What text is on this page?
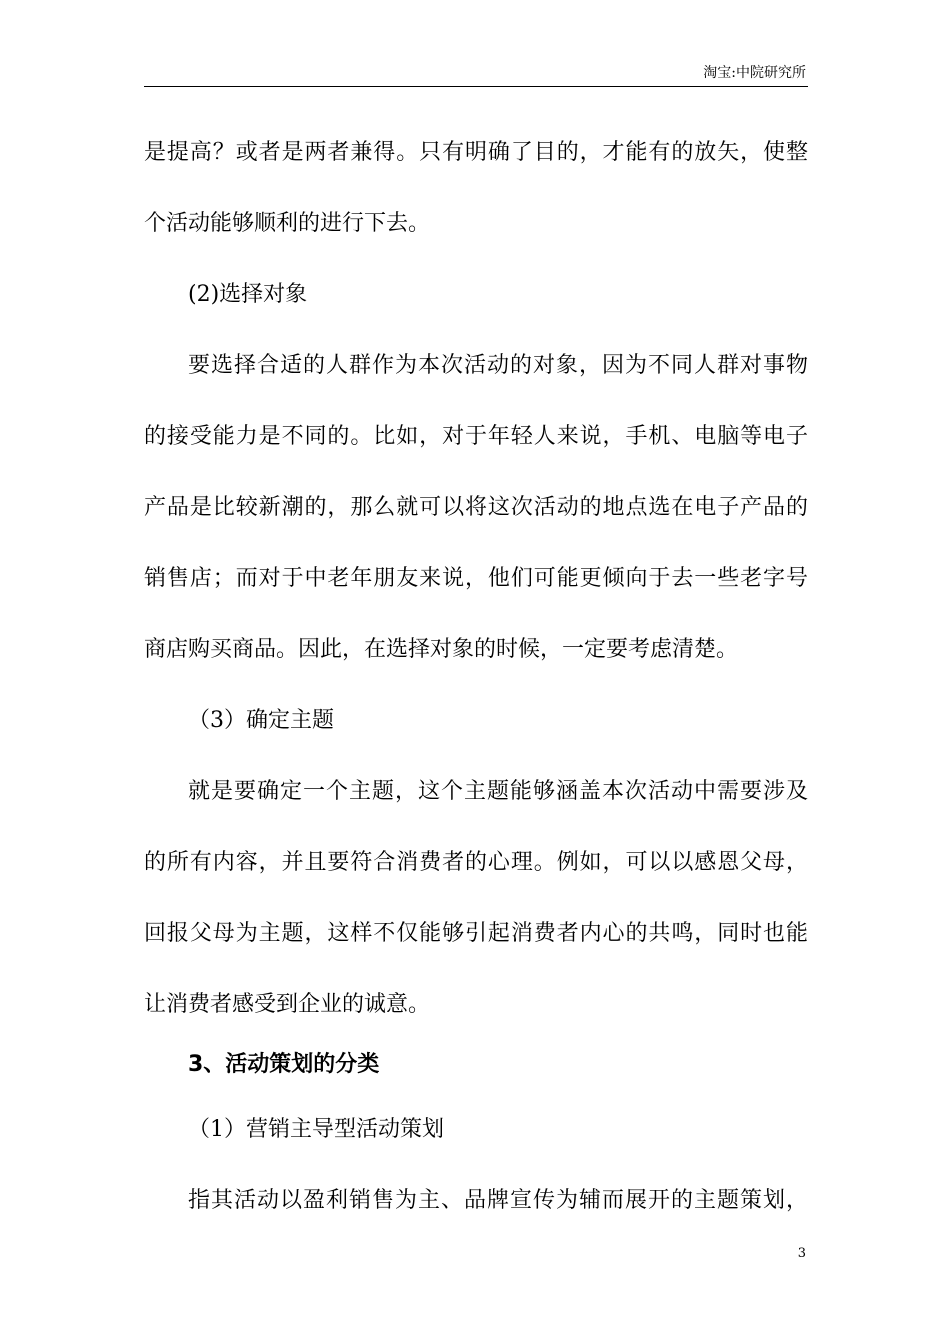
淘宝:中院研究所
是提高？或者是两者兼得。只有明确了目的，才能有的放矢，使整
个活动能够顺利的进行下去。
(2)选择对象
要选择合适的人群作为本次活动的对象，因为不同人群对事物
的接受能力是不同的。比如，对于年轻人来说，手机、电脑等电子
产品是比较新潮的，那么就可以将这次活动的地点选在电子产品的
销售店；而对于中老年朋友来说，他们可能更倾向于去一些老字号
商店购买商品。因此，在选择对象的时候，一定要考虑清楚。
（3）确定主题
就是要确定一个主题，这个主题能够涵盖本次活动中需要涉及
的所有内容，并且要符合消费者的心理。例如，可以以感恩父母，
回报父母为主题，这样不仅能够引起消费者内心的共鸣，同时也能
让消费者感受到企业的诚意。
3、活动策划的分类
（1）营销主导型活动策划
指其活动以盈利销售为主、品牌宣传为辅而展开的主题策划，
3
